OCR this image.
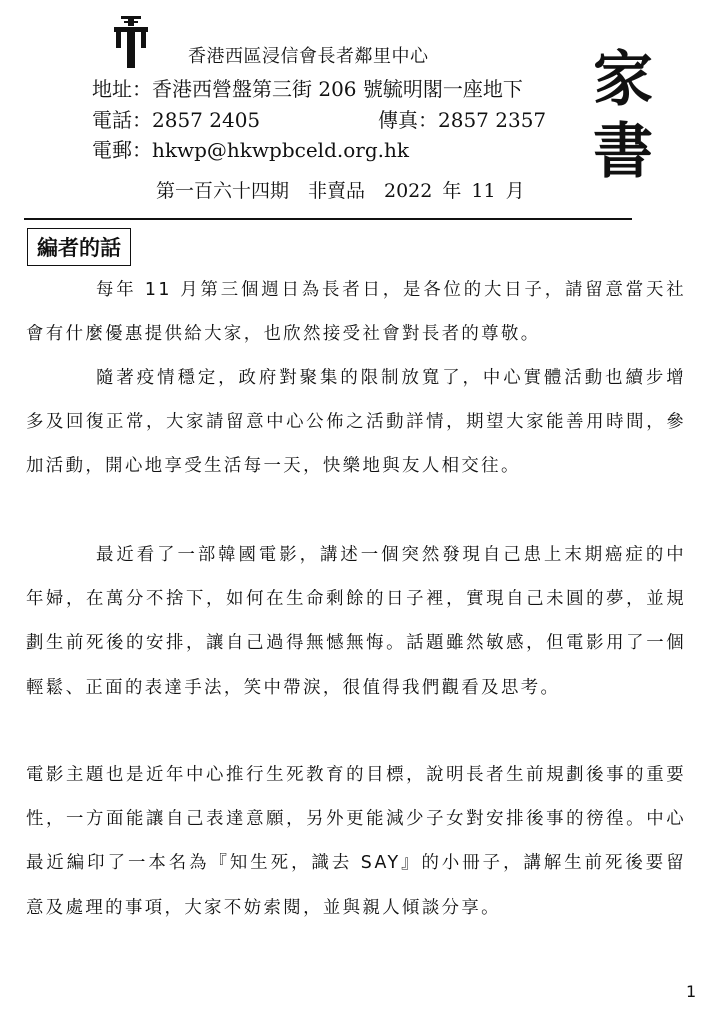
香港西區浸信會長者鄰里中心
地址：香港西營盤第三街 206 號毓明閣一座地下
電話：2857 2405	傳真：2857 2357
電郵：hkwp@hkwpbceld.org.hk
第一百六十四期　非賣品　2022 年 11 月
家
書
編者的話

每年 11 月第三個週日為長者日，是各位的大日子，請留意當天社會有什麼優惠提供給大家，也欣然接受社會對長者的尊敬。

隨著疫情穩定，政府對聚集的限制放寬了，中心實體活動也續步增多及回復正常，大家請留意中心公佈之活動詳情，期望大家能善用時間，參加活動，開心地享受生活每一天，快樂地與友人相交往。

最近看了一部韓國電影，講述一個突然發現自己患上末期癌症的中年婦，在萬分不捨下，如何在生命剩餘的日子裡，實現自己未圓的夢，並規劃生前死後的安排，讓自己過得無憾無悔。話題雖然敏感，但電影用了一個輕鬆、正面的表達手法，笑中帶淚，很值得我們觀看及思考。

電影主題也是近年中心推行生死教育的目標，說明長者生前規劃後事的重要性，一方面能讓自己表達意願，另外更能減少子女對安排後事的徬徨。中心最近編印了一本名為『知生死，識去 SAY』的小冊子，講解生前死後要留意及處理的事項，大家不妨索閱，並與親人傾談分享。

1
